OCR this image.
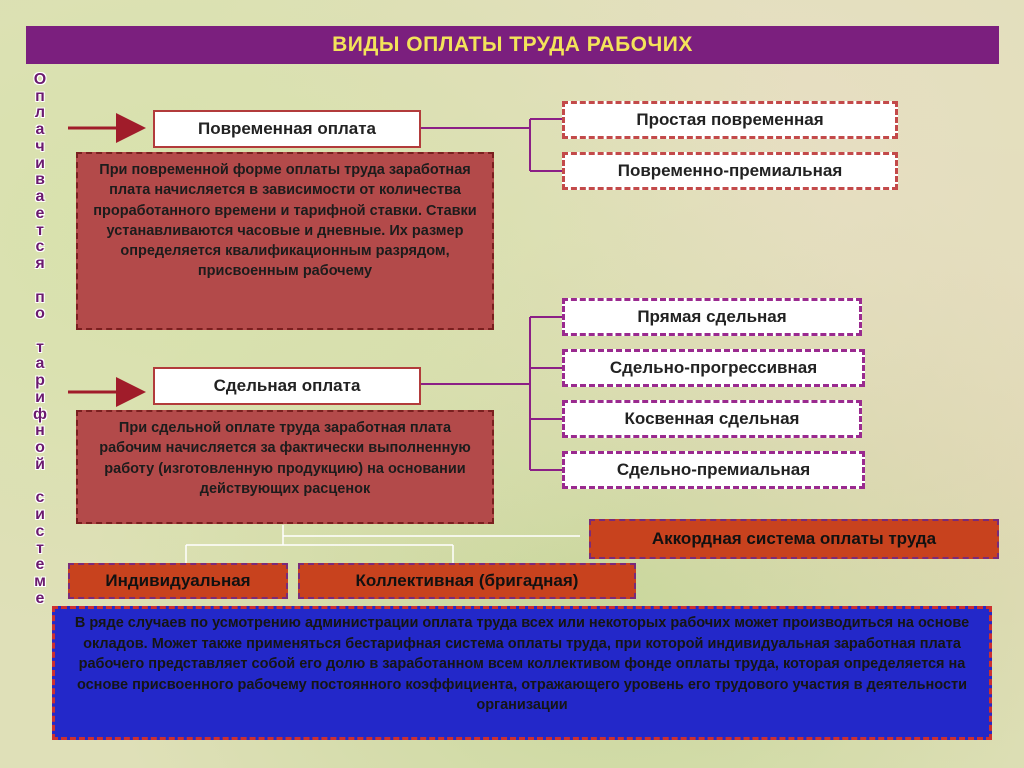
ВИДЫ ОПЛАТЫ ТРУДА РАБОЧИХ
О
п
л
а
ч
и
в
а
е
т
с
я

п
о

т
а
р
и
ф
н
о
й

с
и
с
т
е
м
е
Повременная оплата
При повременной форме оплаты труда заработная плата начисляется в зависимости от количества проработанного времени и тарифной ставки. Ставки устанавливаются часовые и дневные. Их размер определяется квалификационным разрядом, присвоенным рабочему
Простая повременная
Повременно-премиальная
Сдельная оплата
При сдельной оплате труда заработная плата рабочим начисляется за фактически выполненную работу (изготовленную продукцию) на основании действующих расценок
Прямая сдельная
Сдельно-прогрессивная
Косвенная сдельная
Сдельно-премиальная
Аккордная система оплаты труда
Индивидуальная	Коллективная (бригадная)
В ряде случаев по усмотрению администрации оплата труда всех или некоторых рабочих может производиться на основе окладов. Может также применяться бестарифная система оплаты труда, при которой индивидуальная заработная плата рабочего представляет собой его долю в заработанном всем коллективом фонде оплаты труда, которая определяется на основе присвоенного рабочему постоянного коэффициента, отражающего уровень его трудового участия в деятельности организации
